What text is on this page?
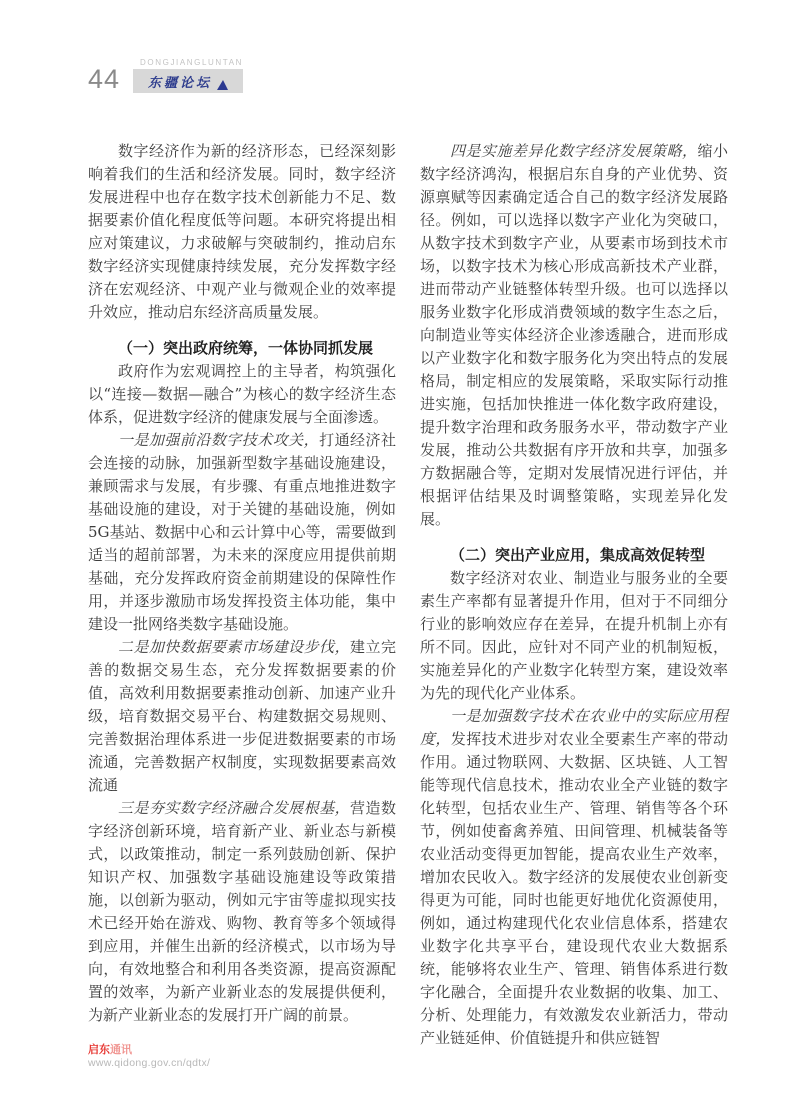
44
DONGJIANGLUNTAN
东疆论坛

数字经济作为新的经济形态，已经深刻影响着我们的生活和经济发展。同时，数字经济发展进程中也存在数字技术创新能力不足、数据要素价值化程度低等问题。本研究将提出相应对策建议，力求破解与突破制约，推动启东数字经济实现健康持续发展，充分发挥数字经济在宏观经济、中观产业与微观企业的效率提升效应，推动启东经济高质量发展。

（一）突出政府统筹，一体协同抓发展

政府作为宏观调控上的主导者，构筑强化以“连接—数据—融合”为核心的数字经济生态体系，促进数字经济的健康发展与全面渗透。

一是加强前沿数字技术攻关，打通经济社会连接的动脉，加强新型数字基础设施建设，兼顾需求与发展，有步骤、有重点地推进数字基础设施的建设，对于关键的基础设施，例如5G基站、数据中心和云计算中心等，需要做到适当的超前部署，为未来的深度应用提供前期基础，充分发挥政府资金前期建设的保障性作用，并逐步激励市场发挥投资主体功能，集中建设一批网络类数字基础设施。

二是加快数据要素市场建设步伐，建立完善的数据交易生态，充分发挥数据要素的价值，高效利用数据要素推动创新、加速产业升级，培育数据交易平台、构建数据交易规则、完善数据治理体系进一步促进数据要素的市场流通，完善数据产权制度，实现数据要素高效流通

三是夯实数字经济融合发展根基，营造数字经济创新环境，培育新产业、新业态与新模式，以政策推动，制定一系列鼓励创新、保护知识产权、加强数字基础设施建设等政策措施，以创新为驱动，例如元宇宙等虚拟现实技术已经开始在游戏、购物、教育等多个领域得到应用，并催生出新的经济模式，以市场为导向，有效地整合和利用各类资源，提高资源配置的效率，为新产业新业态的发展提供便利，为新产业新业态的发展打开广阔的前景。

四是实施差异化数字经济发展策略，缩小数字经济鸿沟，根据启东自身的产业优势、资源禀赋等因素确定适合自己的数字经济发展路径。例如，可以选择以数字产业化为突破口，从数字技术到数字产业，从要素市场到技术市场，以数字技术为核心形成高新技术产业群，进而带动产业链整体转型升级。也可以选择以服务业数字化形成消费领域的数字生态之后，向制造业等实体经济企业渗透融合，进而形成以产业数字化和数字服务化为突出特点的发展格局，制定相应的发展策略，采取实际行动推进实施，包括加快推进一体化数字政府建设，提升数字治理和政务服务水平，带动数字产业发展，推动公共数据有序开放和共享，加强多方数据融合等，定期对发展情况进行评估，并根据评估结果及时调整策略，实现差异化发展。

（二）突出产业应用，集成高效促转型

数字经济对农业、制造业与服务业的全要素生产率都有显著提升作用，但对于不同细分行业的影响效应存在差异，在提升机制上亦有所不同。因此，应针对不同产业的机制短板，实施差异化的产业数字化转型方案，建设效率为先的现代化产业体系。

一是加强数字技术在农业中的实际应用程度，发挥技术进步对农业全要素生产率的带动作用。通过物联网、大数据、区块链、人工智能等现代信息技术，推动农业全产业链的数字化转型，包括农业生产、管理、销售等各个环节，例如使畜禽养殖、田间管理、机械装备等农业活动变得更加智能，提高农业生产效率，增加农民收入。数字经济的发展使农业创新变得更为可能，同时也能更好地优化资源使用，例如，通过构建现代化农业信息体系，搭建农业数字化共享平台，建设现代农业大数据系统，能够将农业生产、管理、销售体系进行数字化融合，全面提升农业数据的收集、加工、分析、处理能力，有效激发农业新活力，带动产业链延伸、价值链提升和供应链智

启东通讯
www.qidong.gov.cn/qdtx/
